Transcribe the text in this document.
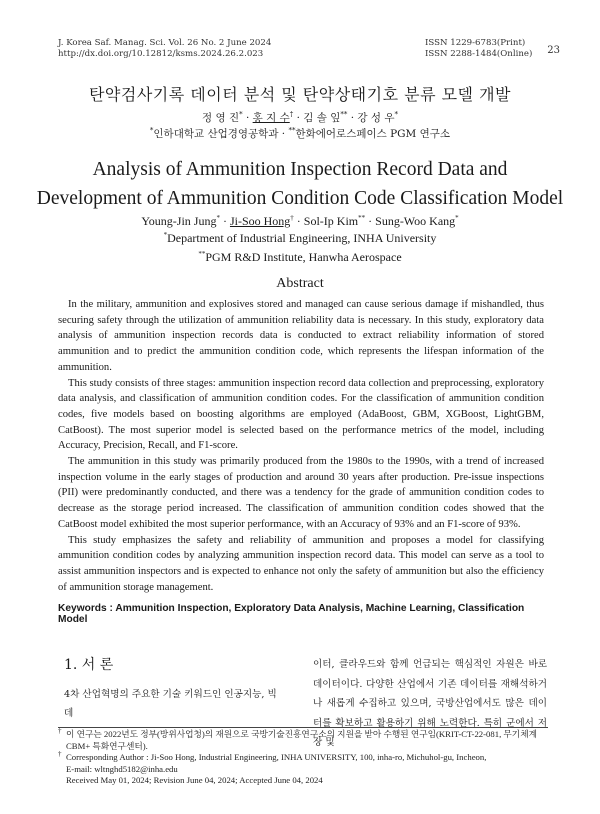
J. Korea Saf. Manag. Sci. Vol. 26 No. 2 June 2024
http://dx.doi.org/10.12812/ksms.2024.26.2.023
ISSN 1229-6783(Print)
ISSN 2288-1484(Online) 23
탄약검사기록 데이터 분석 및 탄약상태기호 분류 모델 개발
정 영 진* · 홍 지 수† · 김 솔 잎** · 강 성 우*
*인하대학교 산업경영공학과 · **한화에어로스페이스 PGM 연구소
Analysis of Ammunition Inspection Record Data and
Development of Ammunition Condition Code Classification Model
Young-Jin Jung* · Ji-Soo Hong† · Sol-Ip Kim** · Sung-Woo Kang*
*Department of Industrial Engineering, INHA University
**PGM R&D Institute, Hanwha Aerospace
Abstract

In the military, ammunition and explosives stored and managed can cause serious damage if mishandled, thus securing safety through the utilization of ammunition reliability data is necessary. In this study, exploratory data analysis of ammunition inspection records data is conducted to extract reliability information of stored ammunition and to predict the ammunition condition code, which represents the lifespan information of the ammunition.

This study consists of three stages: ammunition inspection record data collection and preprocessing, exploratory data analysis, and classification of ammunition condition codes. For the classification of ammunition condition codes, five models based on boosting algorithms are employed (AdaBoost, GBM, XGBoost, LightGBM, CatBoost). The most superior model is selected based on the performance metrics of the model, including Accuracy, Precision, Recall, and F1-score.

The ammunition in this study was primarily produced from the 1980s to the 1990s, with a trend of increased inspection volume in the early stages of production and around 30 years after production. Pre-issue inspections (PII) were predominantly conducted, and there was a tendency for the grade of ammunition condition codes to decrease as the storage period increased. The classification of ammunition condition codes showed that the CatBoost model exhibited the most superior performance, with an Accuracy of 93% and an F1-score of 93%.

This study emphasizes the safety and reliability of ammunition and proposes a model for classifying ammunition condition codes by analyzing ammunition inspection record data. This model can serve as a tool to assist ammunition inspectors and is expected to enhance not only the safety of ammunition but also the efficiency of ammunition storage management.

Keywords : Ammunition Inspection, Exploratory Data Analysis, Machine Learning, Classification Model
1. 서 론
4차 산업혁명의 주요한 기술 키워드인 인공지능, 빅데
이터, 클라우드와 함께 언급되는 핵심적인 자원은 바로 데이터이다. 다양한 산업에서 기존 데이터를 재해석하거나 새롭게 수집하고 있으며, 국방산업에서도 많은 데이터를 확보하고 활용하기 위해 노력한다. 특히 군에서 저장 및
† 이 연구는 2022년도 정부(방위사업청)의 재원으로 국방기술진흥연구소의 지원을 받아 수행된 연구임(KRIT-CT-22-081, 무기체계 CBM+ 특화연구센터).
† Corresponding Author : Ji-Soo Hong, Industrial Engineering, INHA UNIVERSITY, 100, inha-ro, Michuhol-gu, Incheon,
E-mail: wltnghd5182@inha.edu
Received May 01, 2024; Revision June 04, 2024; Accepted June 04, 2024
